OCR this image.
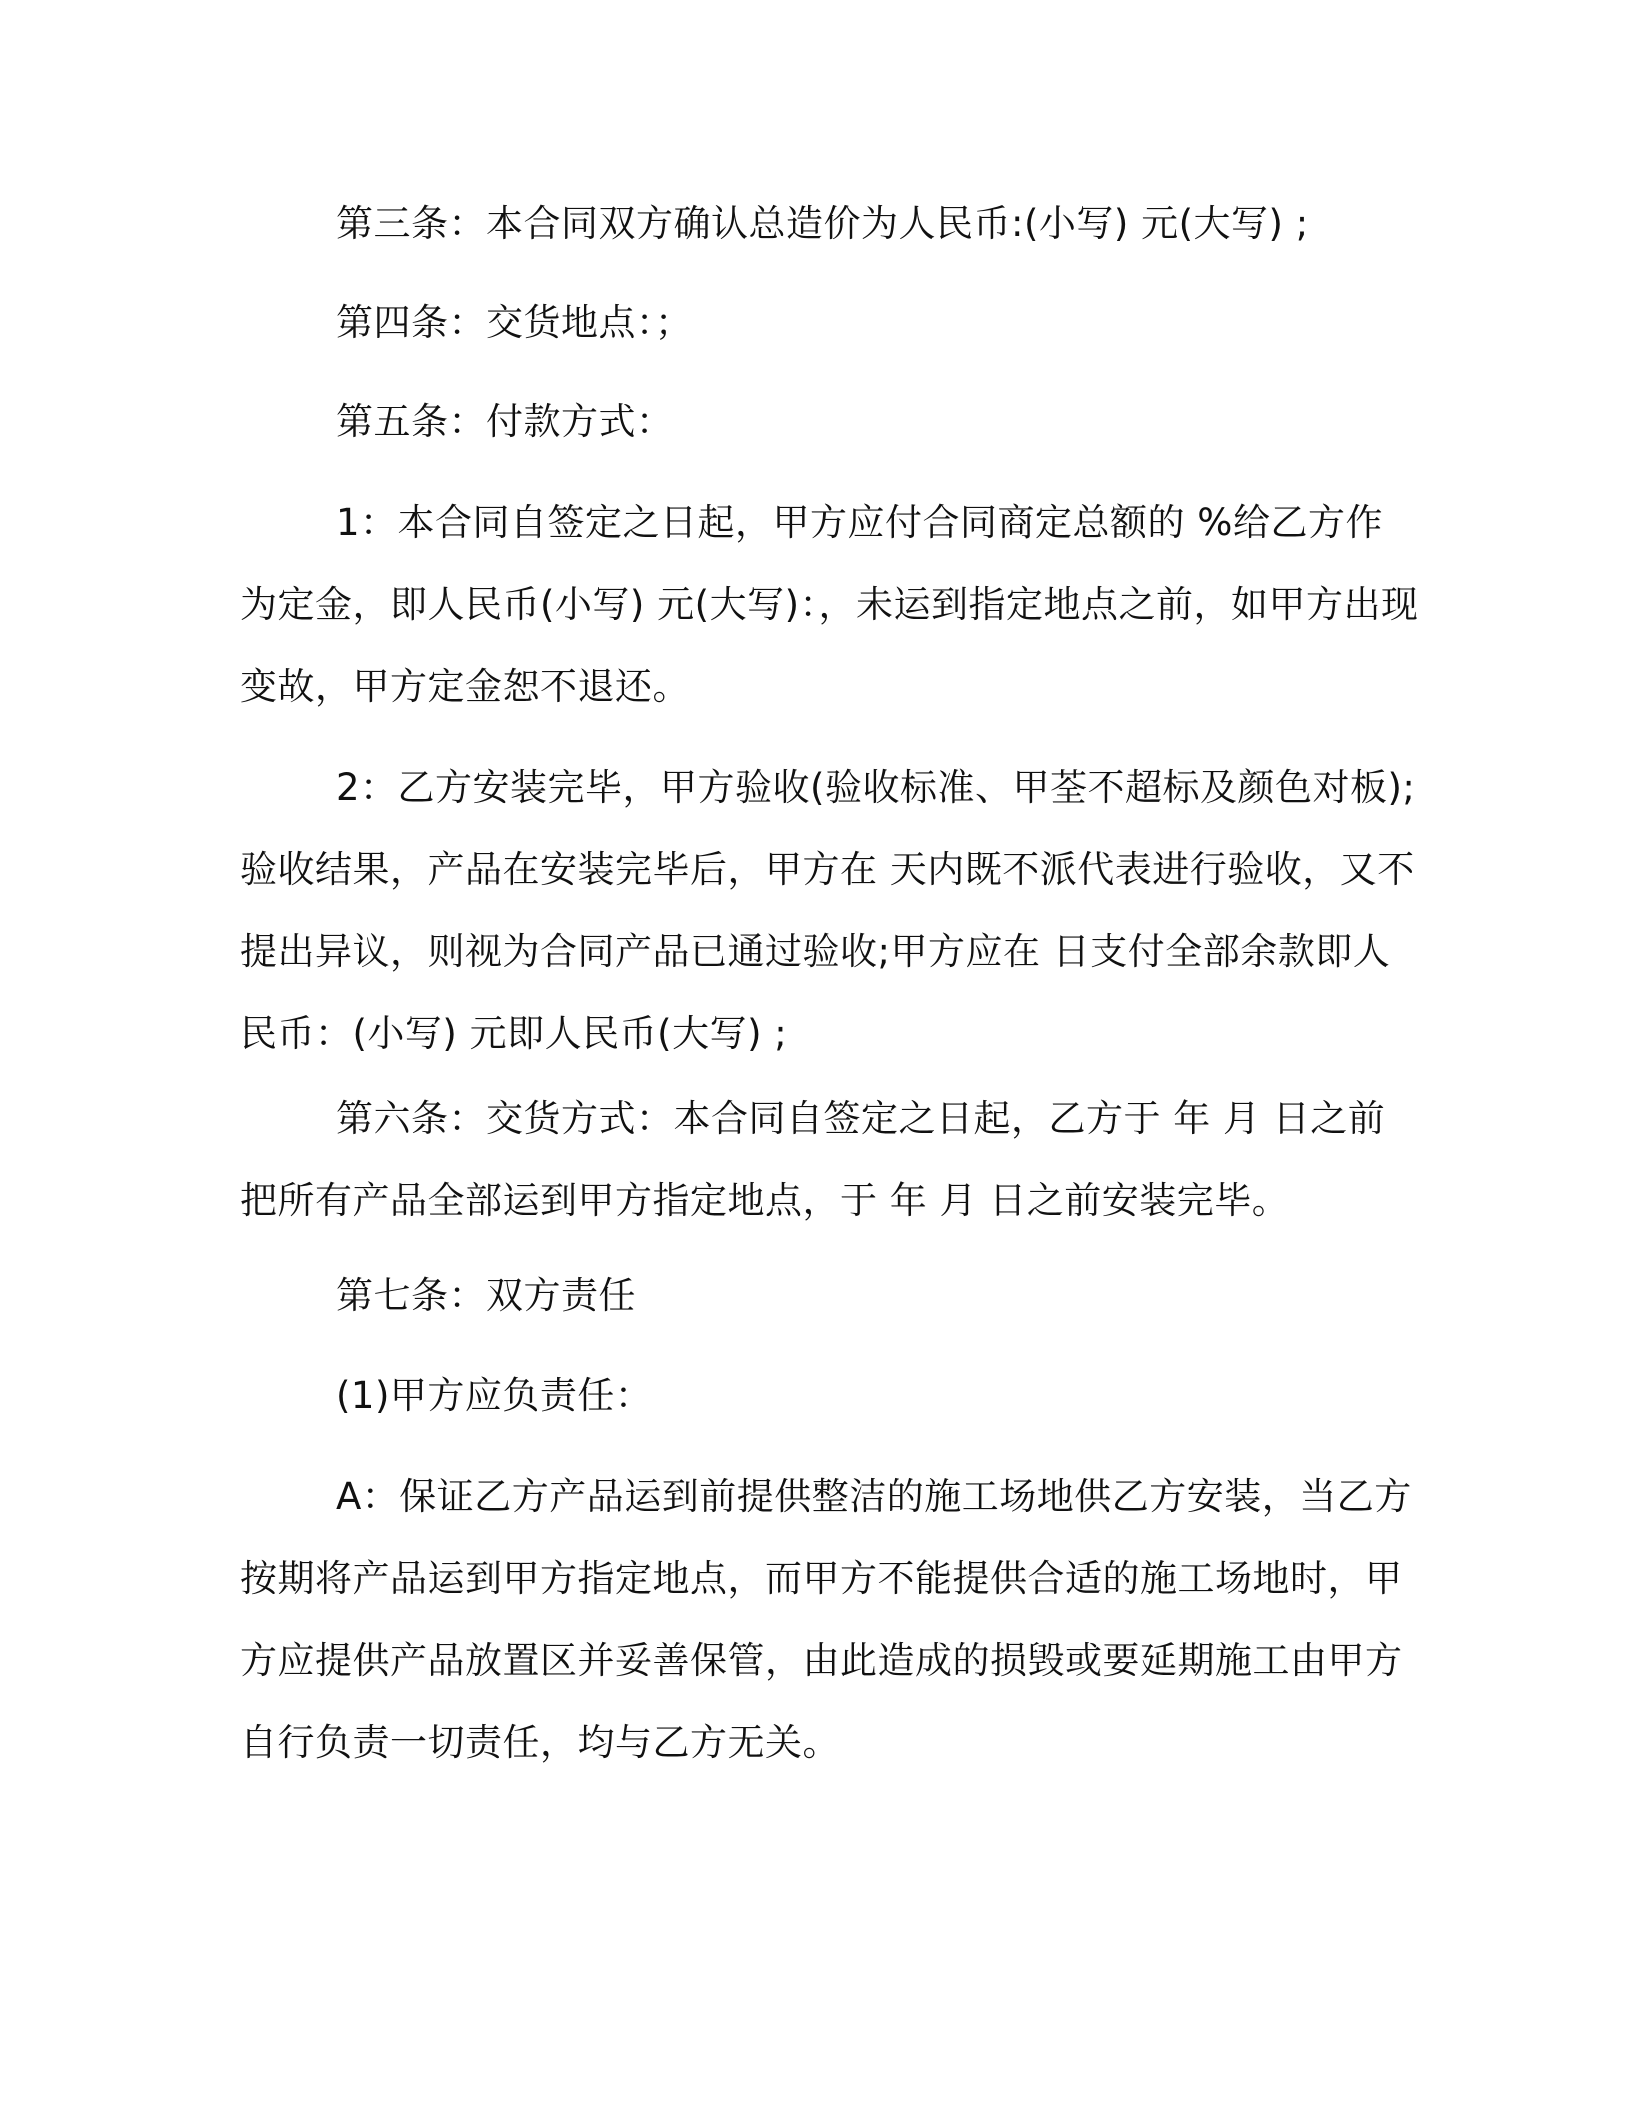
第三条：本合同双方确认总造价为人民币:(小写) 元(大写) ;

第四条：交货地点：；

第五条：付款方式：

1：本合同自签定之日起，甲方应付合同商定总额的 %给乙方作为定金，即人民币(小写) 元(大写)：，未运到指定地点之前，如甲方出现变故，甲方定金恕不退还。

2：乙方安装完毕，甲方验收(验收标准、甲荃不超标及颜色对板);验收结果，产品在安装完毕后，甲方在 天内既不派代表进行验收，又不提出异议，则视为合同产品已通过验收;甲方应在 日支付全部余款即人民币：(小写) 元即人民币(大写) ;

第六条：交货方式：本合同自签定之日起，乙方于 年 月 日之前把所有产品全部运到甲方指定地点，于 年 月 日之前安装完毕。

第七条：双方责任

(1)甲方应负责任：

A：保证乙方产品运到前提供整洁的施工场地供乙方安装，当乙方按期将产品运到甲方指定地点，而甲方不能提供合适的施工场地时，甲方应提供产品放置区并妥善保管，由此造成的损毁或要延期施工由甲方自行负责一切责任，均与乙方无关。
